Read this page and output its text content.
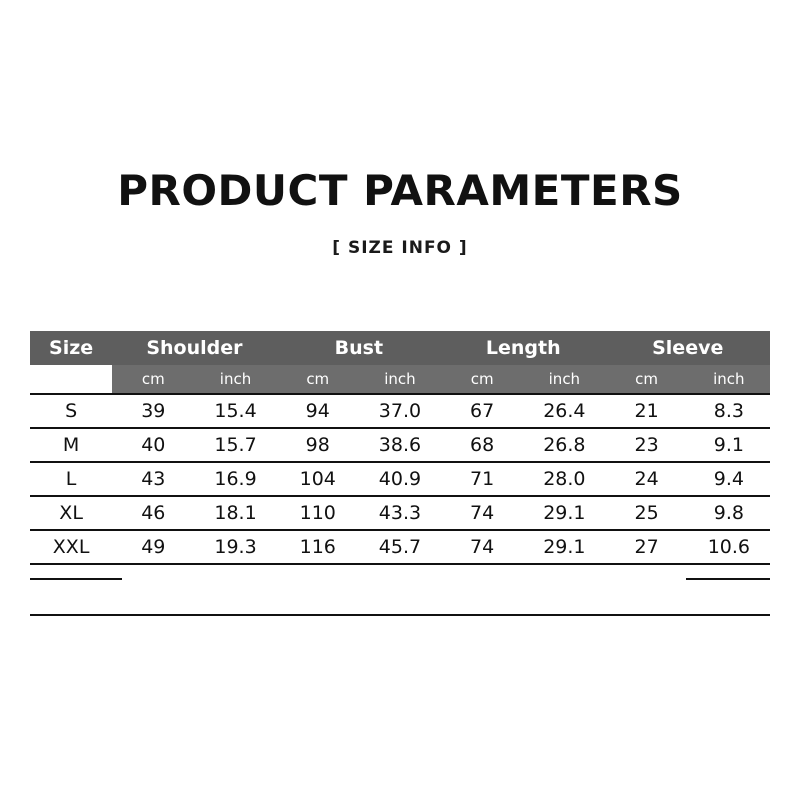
PRODUCT PARAMETERS
[ SIZE INFO ]
Size	Shoulder		Bust		Length		Sleeve	
	cm	inch	cm	inch	cm	inch	cm	inch
S	39	15.4	94	37.0	67	26.4	21	8.3
M	40	15.7	98	38.6	68	26.8	23	9.1
L	43	16.9	104	40.9	71	28.0	24	9.4
XL	46	18.1	110	43.3	74	29.1	25	9.8
XXL	49	19.3	116	45.7	74	29.1	27	10.6
